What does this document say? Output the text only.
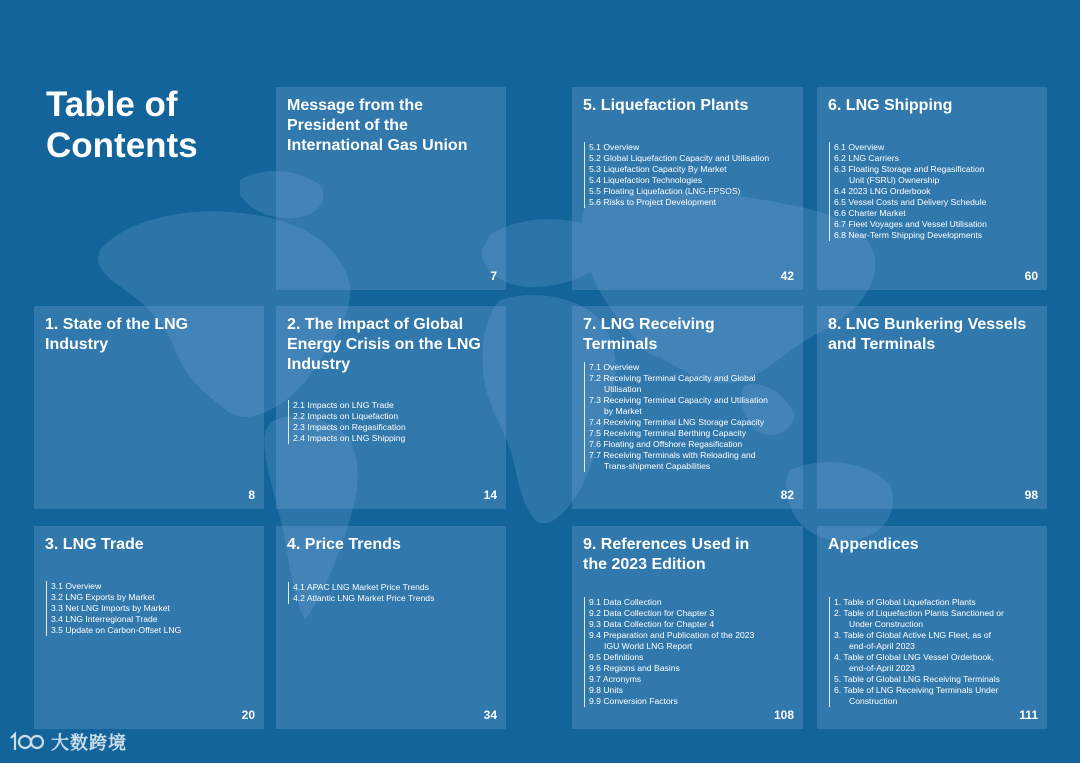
Table of
Contents
Message from the President of the International Gas Union
7
5. Liquefaction Plants
5.1 Overview
5.2 Global Liquefaction Capacity and Utilisation
5.3 Liquefaction Capacity By Market
5.4 Liquefaction Technologies
5.5 Floating Liquefaction (LNG-FPSOS)
5.6 Risks to Project Development
42
6. LNG Shipping
6.1 Overview
6.2 LNG Carriers
6.3 Floating Storage and Regasification
Unit (FSRU) Ownership
6.4 2023 LNG Orderbook
6.5 Vessel Costs and Delivery Schedule
6.6 Charter Market
6.7 Fleet Voyages and Vessel Utilisation
6.8 Near-Term Shipping Developments
60
1. State of the LNG Industry
8
2. The Impact of Global Energy Crisis on the LNG Industry
2.1 Impacts on LNG Trade
2.2 Impacts on Liquefaction
2.3 Impacts on Regasification
2.4 Impacts on LNG Shipping
14
7. LNG Receiving Terminals
7.1 Overview
7.2 Receiving Terminal Capacity and Global
Utilisation
7.3 Receiving Terminal Capacity and Utilisation
by Market
7.4 Receiving Terminal LNG Storage Capacity
7.5 Receiving Terminal Berthing Capacity
7.6 Floating and Offshore Regasification
7.7 Receiving Terminals with Reloading and
Trans-shipment Capabilities
82
8. LNG Bunkering Vessels and Terminals
98
3. LNG Trade
3.1 Overview
3.2 LNG Exports by Market
3.3 Net LNG Imports by Market
3.4 LNG Interregional Trade
3.5 Update on Carbon-Offset LNG
20
4. Price Trends
4.1 APAC LNG Market Price Trends
4.2 Atlantic LNG Market Price Trends
34
9. References Used in the 2023 Edition
9.1 Data Collection
9.2 Data Collection for Chapter 3
9.3 Data Collection for Chapter 4
9.4 Preparation and Publication of the 2023
IGU World LNG Report
9.5 Definitions
9.6 Regions and Basins
9.7 Acronyms
9.8 Units
9.9 Conversion Factors
108
Appendices
1. Table of Global Liquefaction Plants
2. Table of Liquefaction Plants Sanctioned or
Under Construction
3. Table of Global Active LNG Fleet, as of
end-of-April 2023
4. Table of Global LNG Vessel Orderbook,
end-of-April 2023
5. Table of Global LNG Receiving Terminals
6. Table of LNG Receiving Terminals Under
Construction
111
大数跨境
